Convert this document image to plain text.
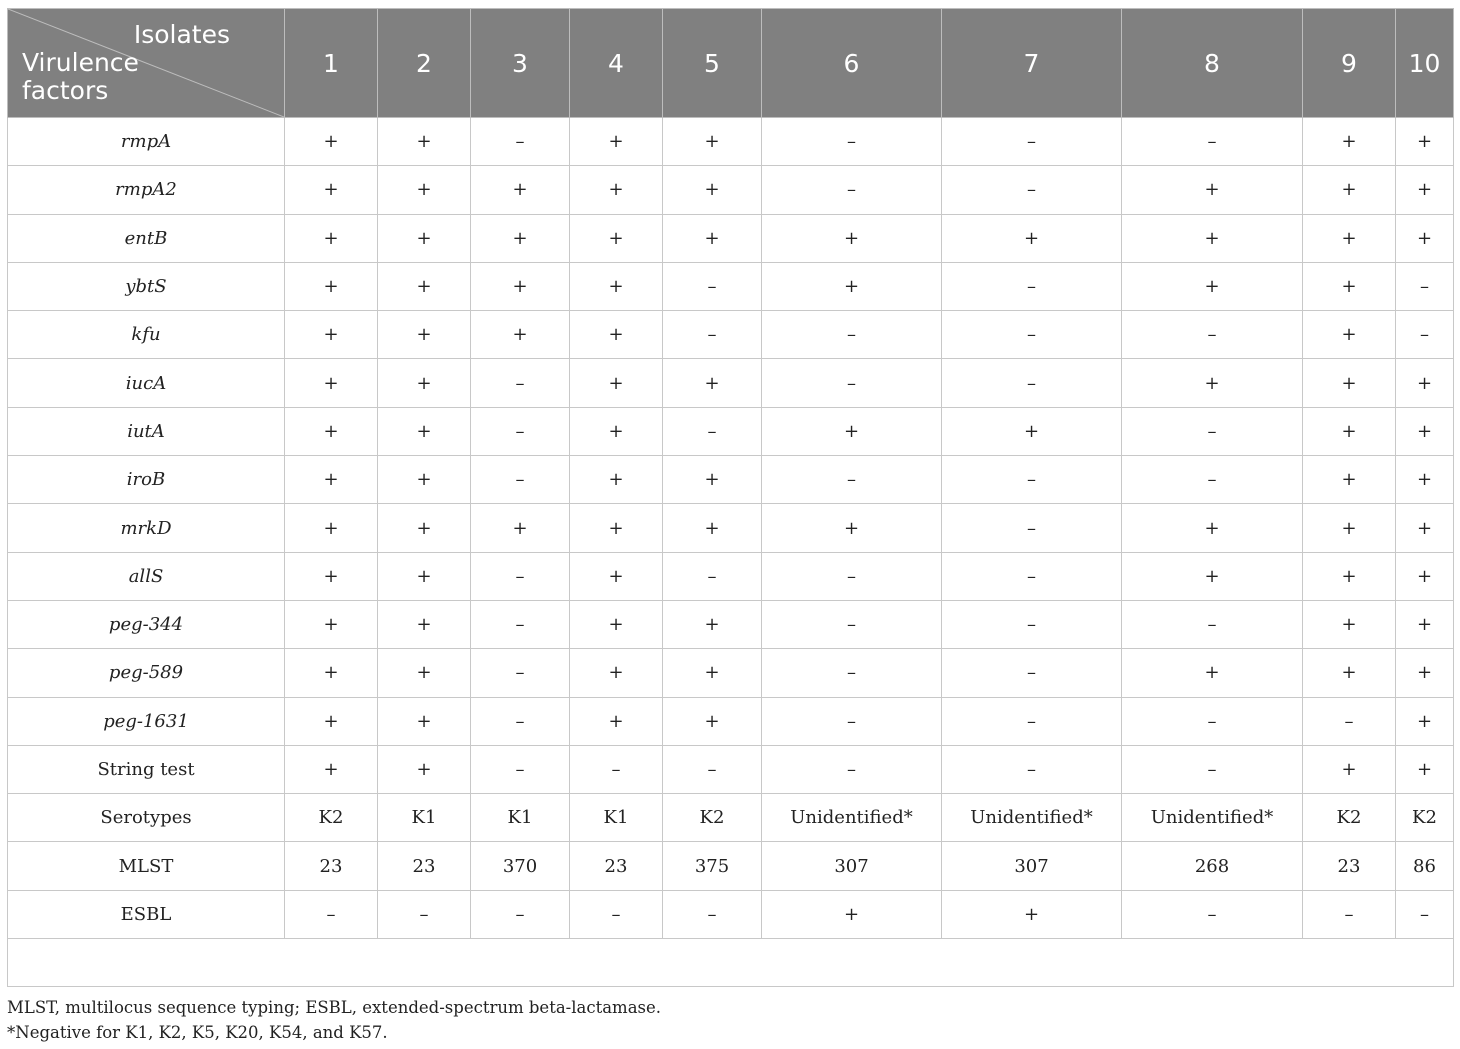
Isolates
Virulence factors	1	2	3	4	5	6	7	8	9	10
rmpA	+	+	–	+	+	–	–	–	+	+
rmpA2	+	+	+	+	+	–	–	+	+	+
entB	+	+	+	+	+	+	+	+	+	+
ybtS	+	+	+	+	–	+	–	+	+	–
kfu	+	+	+	+	–	–	–	–	+	–
iucA	+	+	–	+	+	–	–	+	+	+
iutA	+	+	–	+	–	+	+	–	+	+
iroB	+	+	–	+	+	–	–	–	+	+
mrkD	+	+	+	+	+	+	–	+	+	+
allS	+	+	–	+	–	–	–	+	+	+
peg-344	+	+	–	+	+	–	–	–	+	+
peg-589	+	+	–	+	+	–	–	+	+	+
peg-1631	+	+	–	+	+	–	–	–	–	+
String test	+	+	–	–	–	–	–	–	+	+
Serotypes	K2	K1	K1	K1	K2	Unidentified*	Unidentified*	Unidentified*	K2	K2
MLST	23	23	370	23	375	307	307	268	23	86
ESBL	–	–	–	–	–	+	+	–	–	–

MLST, multilocus sequence typing; ESBL, extended-spectrum beta-lactamase.
*Negative for K1, K2, K5, K20, K54, and K57.
